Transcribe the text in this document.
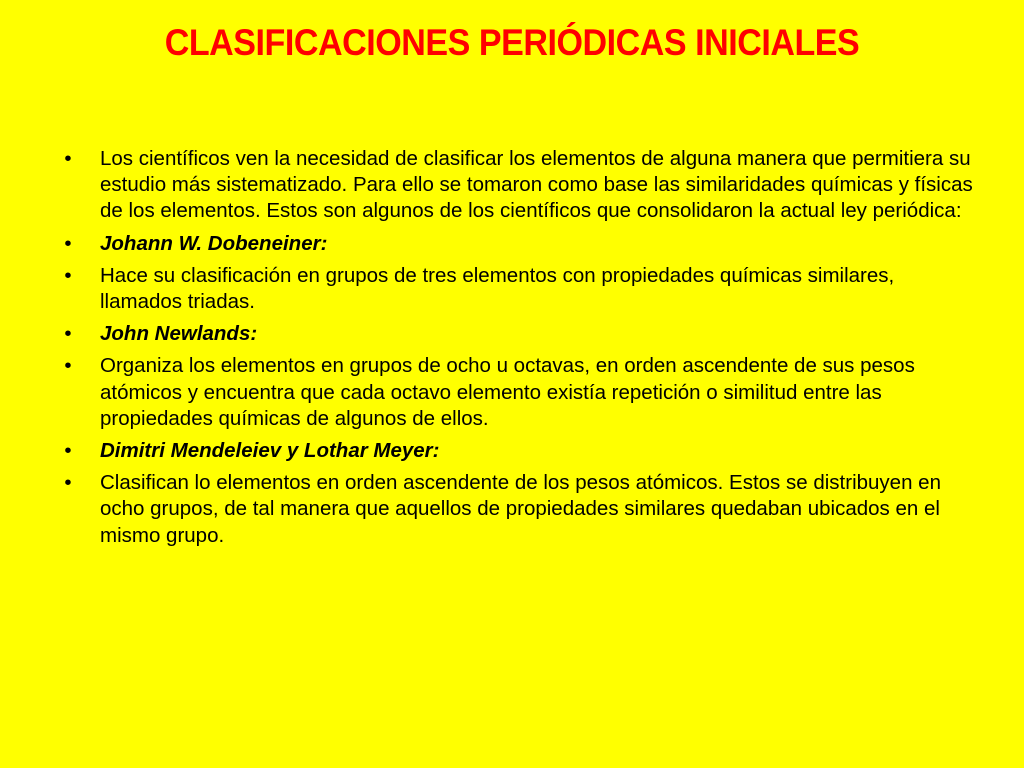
CLASIFICACIONES PERIÓDICAS INICIALES
•	Los científicos ven la necesidad de clasificar los elementos de alguna manera que permitiera su estudio más sistematizado. Para ello se tomaron como base las similaridades químicas y físicas de los elementos. Estos son algunos de los científicos que consolidaron la actual ley periódica:
•	Johann W. Dobeneiner:
•	Hace su clasificación en grupos de tres elementos con propiedades químicas similares, llamados triadas.
•	John Newlands:
•	Organiza los elementos en grupos de ocho u octavas, en orden ascendente de sus pesos atómicos y encuentra que cada octavo elemento existía repetición o similitud entre las propiedades químicas de algunos de ellos.
•	Dimitri Mendeleiev y Lothar Meyer:
•	Clasifican lo elementos en orden ascendente de los pesos atómicos. Estos se distribuyen en ocho grupos, de tal manera que aquellos de propiedades similares quedaban ubicados en el mismo grupo.
